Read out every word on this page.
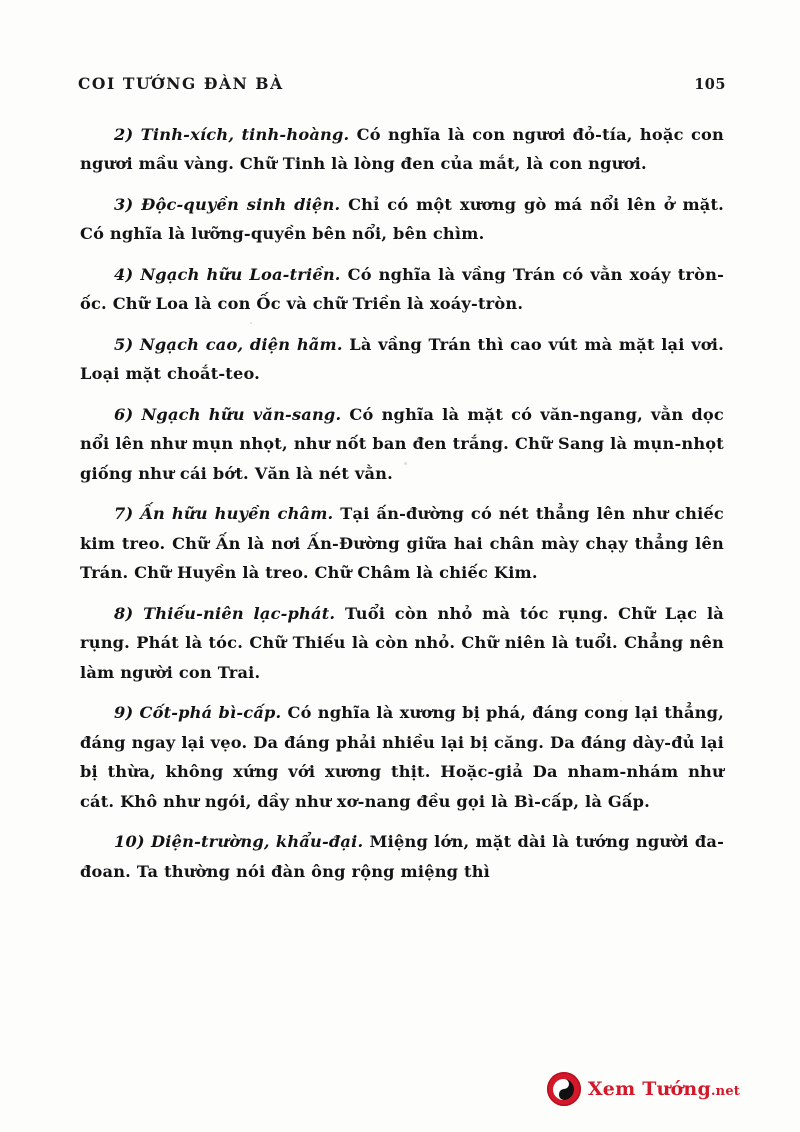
COI TƯỚNG ĐÀN BÀ	105

2) Tinh-xích, tinh-hoàng. Có nghĩa là con ngươi đỏ-tía, hoặc con ngươi mầu vàng. Chữ Tinh là lòng đen của mắt, là con ngươi.

3) Độc-quyền sinh diện. Chỉ có một xương gò má nổi lên ở mặt. Có nghĩa là lưỡng-quyền bên nổi, bên chìm.

4) Ngạch hữu Loa-triền. Có nghĩa là vầng Trán có vằn xoáy tròn-ốc. Chữ Loa là con Ốc và chữ Triền là xoáy-tròn.

5) Ngạch cao, diện hãm. Là vầng Trán thì cao vút mà mặt lại vơi. Loại mặt choắt-teo.

6) Ngạch hữu văn-sang. Có nghĩa là mặt có văn-ngang, vằn dọc nổi lên như mụn nhọt, như nốt ban đen trắng. Chữ Sang là mụn-nhọt giống như cái bớt. Văn là nét vằn.

7) Ấn hữu huyền châm. Tại ấn-đường có nét thẳng lên như chiếc kim treo. Chữ Ấn là nơi Ấn-Đường giữa hai chân mày chạy thẳng lên Trán. Chữ Huyền là treo. Chữ Châm là chiếc Kim.

8) Thiếu-niên lạc-phát. Tuổi còn nhỏ mà tóc rụng. Chữ Lạc là rụng. Phát là tóc. Chữ Thiếu là còn nhỏ. Chữ niên là tuổi. Chẳng nên làm người con Trai.

9) Cốt-phá bì-cấp. Có nghĩa là xương bị phá, đáng cong lại thẳng, đáng ngay lại vẹo. Da đáng phải nhiều lại bị căng. Da đáng dày-đủ lại bị thừa, không xứng với xương thịt. Hoặc-giả Da nham-nhám như cát. Khô như ngói, dầy như xơ-nang đều gọi là Bì-cấp, là Gấp.

10) Diện-trường, khẩu-đại. Miệng lớn, mặt dài là tướng người đa-đoan. Ta thường nói đàn ông rộng miệng thì

Xem Tướng.net
